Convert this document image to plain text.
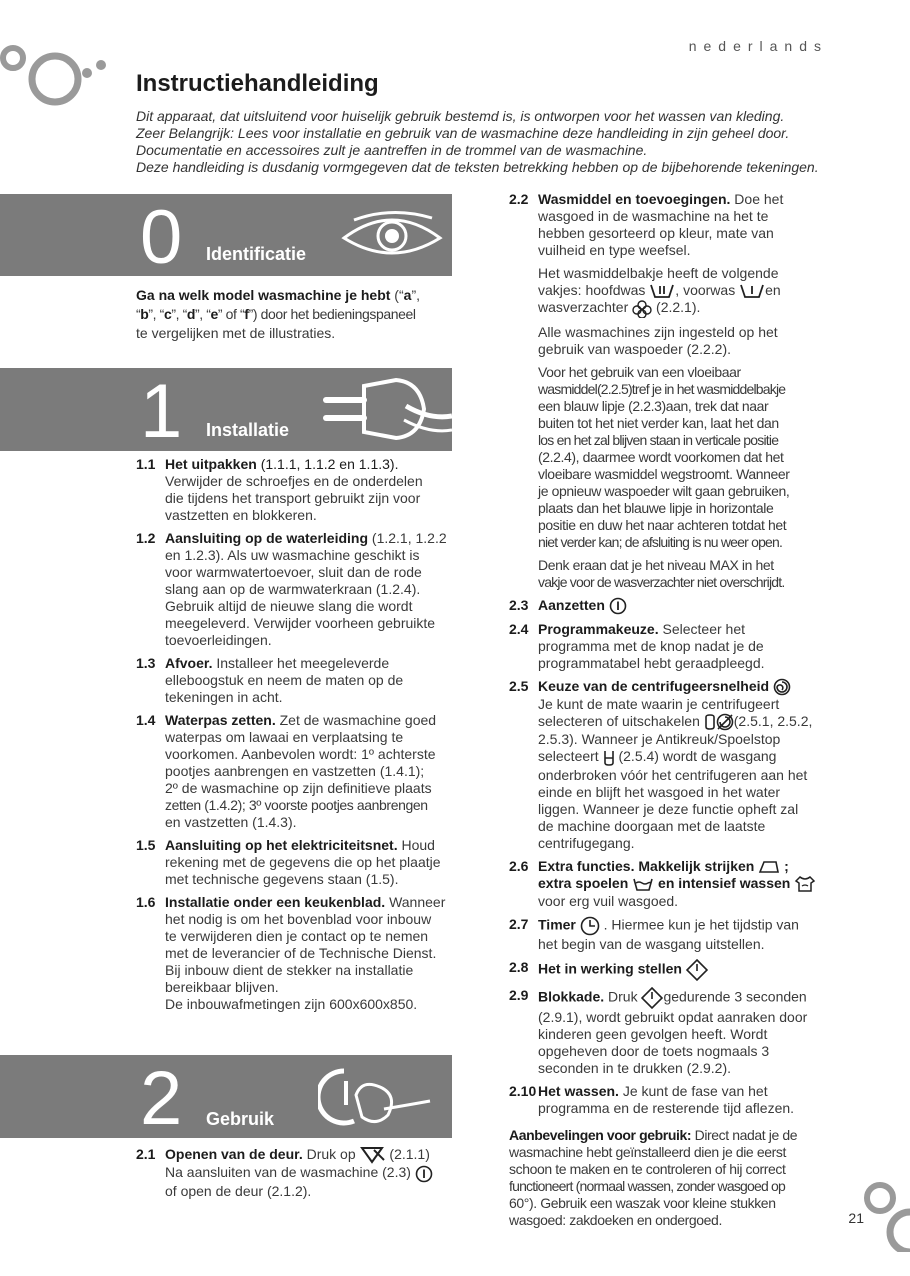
nederlands
Instructiehandleiding
Dit apparaat, dat uitsluitend voor huiselijk gebruik bestemd is, is ontworpen voor het wassen van kleding.
Zeer Belangrijk: Lees voor installatie en gebruik van de wasmachine deze handleiding in zijn geheel door.
Documentatie en accessoires zult je aantreffen in de trommel van de wasmachine.
Deze handleiding is dusdanig vormgegeven dat de teksten betrekking hebben op de bijbehorende tekeningen.
0 Identificatie
Ga na welk model wasmachine je hebt (“a”,
“b”, “c”, “d”, “e” of “f”) door het bedieningspaneel
te vergelijken met de illustraties.
1 Installatie
1.1 Het uitpakken (1.1.1, 1.1.2 en 1.1.3).
Verwijder de schroefjes en de onderdelen
die tijdens het transport gebruikt zijn voor
vastzetten en blokkeren.
1.2 Aansluiting op de waterleiding (1.2.1, 1.2.2
en 1.2.3). Als uw wasmachine geschikt is
voor warmwatertoevoer, sluit dan de rode
slang aan op de warmwaterkraan (1.2.4).
Gebruik altijd de nieuwe slang die wordt
meegeleverd. Verwijder voorheen gebruikte
toevoerleidingen.
1.3 Afvoer. Installeer het meegeleverde
elleboogstuk en neem de maten op de
tekeningen in acht.
1.4 Waterpas zetten. Zet de wasmachine goed
waterpas om lawaai en verplaatsing te
voorkomen. Aanbevolen wordt: 1º achterste
pootjes aanbrengen en vastzetten (1.4.1);
2º de wasmachine op zijn definitieve plaats
zetten (1.4.2); 3º voorste pootjes aanbrengen
en vastzetten (1.4.3).
1.5 Aansluiting op het elektriciteitsnet. Houd
rekening met de gegevens die op het plaatje
met technische gegevens staan (1.5).
1.6 Installatie onder een keukenblad. Wanneer
het nodig is om het bovenblad voor inbouw
te verwijderen dien je contact op te nemen
met de leverancier of de Technische Dienst.
Bij inbouw dient de stekker na installatie
bereikbaar blijven.
De inbouwafmetingen zijn 600x600x850.
2 Gebruik
2.1 Openen van de deur. Druk op  (2.1.1)
Na aansluiten van de wasmachine (2.3)
of open de deur (2.1.2).
2.2 Wasmiddel en toevoegingen. Doe het
wasgoed in de wasmachine na het te
hebben gesorteerd op kleur, mate van
vuilheid en type weefsel.
Het wasmiddelbakje heeft de volgende
vakjes: hoofdwas , voorwas en
wasverzachter  (2.2.1).
Alle wasmachines zijn ingesteld op het
gebruik van waspoeder (2.2.2).
Voor het gebruik van een vloeibaar
wasmiddel(2.2.5)tref je in het wasmiddelbakje
een blauw lipje (2.2.3)aan, trek dat naar
buiten tot het niet verder kan, laat het dan
los en het zal blijven staan in verticale positie
(2.2.4), daarmee wordt voorkomen dat het
vloeibare wasmiddel wegstroomt. Wanneer
je opnieuw waspoeder wilt gaan gebruiken,
plaats dan het blauwe lipje in horizontale
positie en duw het naar achteren totdat het
niet verder kan; de afsluiting is nu weer open.
Denk eraan dat je het niveau MAX in het
vakje voor de wasverzachter niet overschrijdt.
2.3 Aanzetten
2.4 Programmakeuze. Selecteer het
programma met de knop nadat je de
programmatabel hebt geraadpleegd.
2.5 Keuze van de centrifugeersnelheid
Je kunt de mate waarin je centrifugeert
selecteren of uitschakelen (2.5.1, 2.5.2,
2.5.3). Wanneer je Antikreuk/Spoelstop
selecteert  (2.5.4) wordt de wasgang
onderbroken vóór het centrifugeren aan het
einde en blijft het wasgoed in het water
liggen. Wanneer je deze functie opheft zal
de machine doorgaan met de laatste
centrifugegang.
2.6 Extra functies. Makkelijk strijken  ;
extra spoelen  en intensief wassen
voor erg vuil wasgoed.
2.7 Timer  . Hiermee kun je het tijdstip van
het begin van de wasgang uitstellen.
2.8 Het in werking stellen
2.9 Blokkade. Druk gedurende 3 seconden
(2.9.1), wordt gebruikt opdat aanraken door
kinderen geen gevolgen heeft. Wordt
opgeheven door de toets nogmaals 3
seconden in te drukken (2.9.2).
2.10 Het wassen. Je kunt de fase van het
programma en de resterende tijd aflezen.
Aanbevelingen voor gebruik: Direct nadat je de
wasmachine hebt geïnstalleerd dien je die eerst
schoon te maken en te controleren of hij correct
functioneert (normaal wassen, zonder wasgoed op
60°). Gebruik een waszak voor kleine stukken
wasgoed: zakdoeken en ondergoed.	21
